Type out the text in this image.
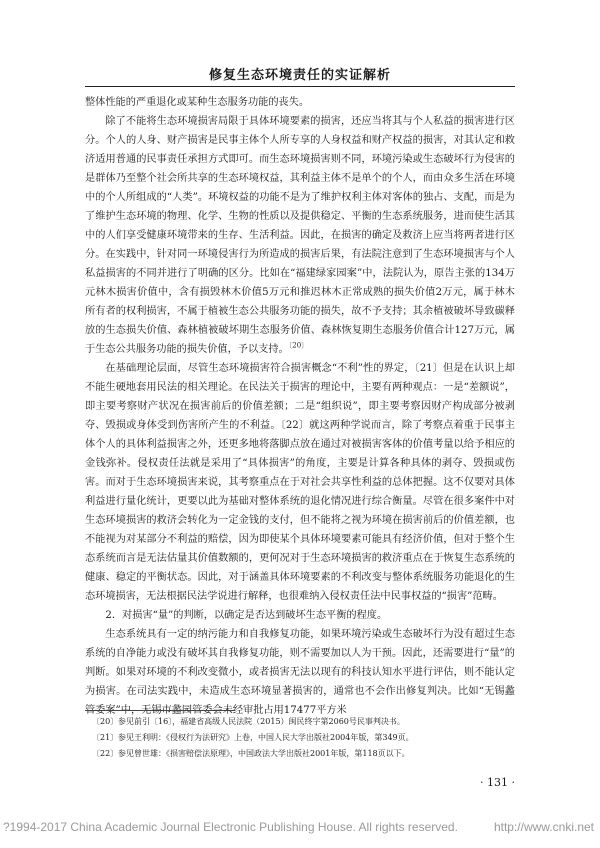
修复生态环境责任的实证解析

整体性能的严重退化或某种生态服务功能的丧失。

除了不能将生态环境损害局限于具体环境要素的损害，还应当将其与个人私益的损害进行区分。个人的人身、财产损害是民事主体个人所专享的人身权益和财产权益的损害，对其认定和救济适用普通的民事责任承担方式即可。而生态环境损害则不同，环境污染或生态破坏行为侵害的是群体乃至整个社会所共享的生态环境权益，其利益主体不是单个的个人，而由众多生活在环境中的个人所组成的“人类”。环境权益的功能不是为了维护权利主体对客体的独占、支配，而是为了维护生态环境的物理、化学、生物的性质以及提供稳定、平衡的生态系统服务，进而使生活其中的人们享受健康环境带来的生存、生活利益。因此，在损害的确定及救济上应当将两者进行区分。在实践中，针对同一环境侵害行为所造成的损害后果，有法院注意到了生态环境损害与个人私益损害的不同并进行了明确的区分。比如在“福建绿家园案”中，法院认为，原告主张的134万元林木损害价值中，含有损毁林木价值5万元和推迟林木正常成熟的损失价值2万元，属于林木所有者的权利损害，不属于植被生态公共服务功能的损失，故不予支持；其余植被破坏导致碳释放的生态损失价值、森林植被破坏期生态服务价值、森林恢复期生态服务价值合计127万元，属于生态公共服务功能的损失价值，予以支持。$^{〔20〕}$

在基础理论层面，尽管生态环境损害符合损害概念“不利”性的界定，〔21〕但是在认识上却不能生硬地套用民法的相关理论。在民法关于损害的理论中，主要有两种观点：一是“差额说”，即主要考察财产状况在损害前后的价值差额；二是“组织说”，即主要考察因财产构成部分被剥夺、毁损或身体受到伤害所产生的不利益。〔22〕就这两种学说而言，除了考察点着重于民事主体个人的具体利益损害之外，还更多地将落脚点放在通过对被损害客体的价值考量以给予相应的金钱弥补。侵权责任法就是采用了“具体损害”的角度，主要是计算各种具体的剥夺、毁损或伤害。而对于生态环境损害来说，其考察重点在于对社会共享性利益的总体把握。这不仅要对具体利益进行量化统计，更要以此为基础对整体系统的退化情况进行综合衡量。尽管在很多案件中对生态环境损害的救济会转化为一定金钱的支付，但不能将之视为环境在损害前后的价值差额，也不能视为对某部分不利益的赔偿，因为即使某个具体环境要素可能具有经济价值，但对于整个生态系统而言是无法估量其价值数额的，更何况对于生态环境损害的救济重点在于恢复生态系统的健康、稳定的平衡状态。因此，对于涵盖具体环境要素的不利改变与整体系统服务功能退化的生态环境损害，无法根据民法学说进行解释，也很难纳入侵权责任法中民事权益的“损害”范畴。

2．对损害“量”的判断，以确定是否达到破坏生态平衡的程度。

生态系统具有一定的纳污能力和自我修复功能，如果环境污染或生态破坏行为没有超过生态系统的自净能力或没有破坏其自我修复功能，则不需要加以人为干预。因此，还需要进行“量”的判断。如果对环境的不利改变微小，或者损害无法以现有的科技认知水平进行评估，则不能认定为损害。在司法实践中，未造成生态环境显著损害的，通常也不会作出修复判决。比如“无锡蠡管委案”中，无锡市蠡园管委会未经审批占用17477平方米

〔20〕参见前引〔16〕，福建省高级人民法院（2015）闽民终字第2060号民事判决书。
〔21〕参见王利明：《侵权行为法研究》上卷，中国人民大学出版社2004年版，第349页。
〔22〕参见曾世雄：《损害赔偿法原理》，中国政法大学出版社2001年版，第118页以下。
· 131 ·
?1994-2017 China Academic Journal Electronic Publishing House. All rights reserved.	http://www.cnki.net
